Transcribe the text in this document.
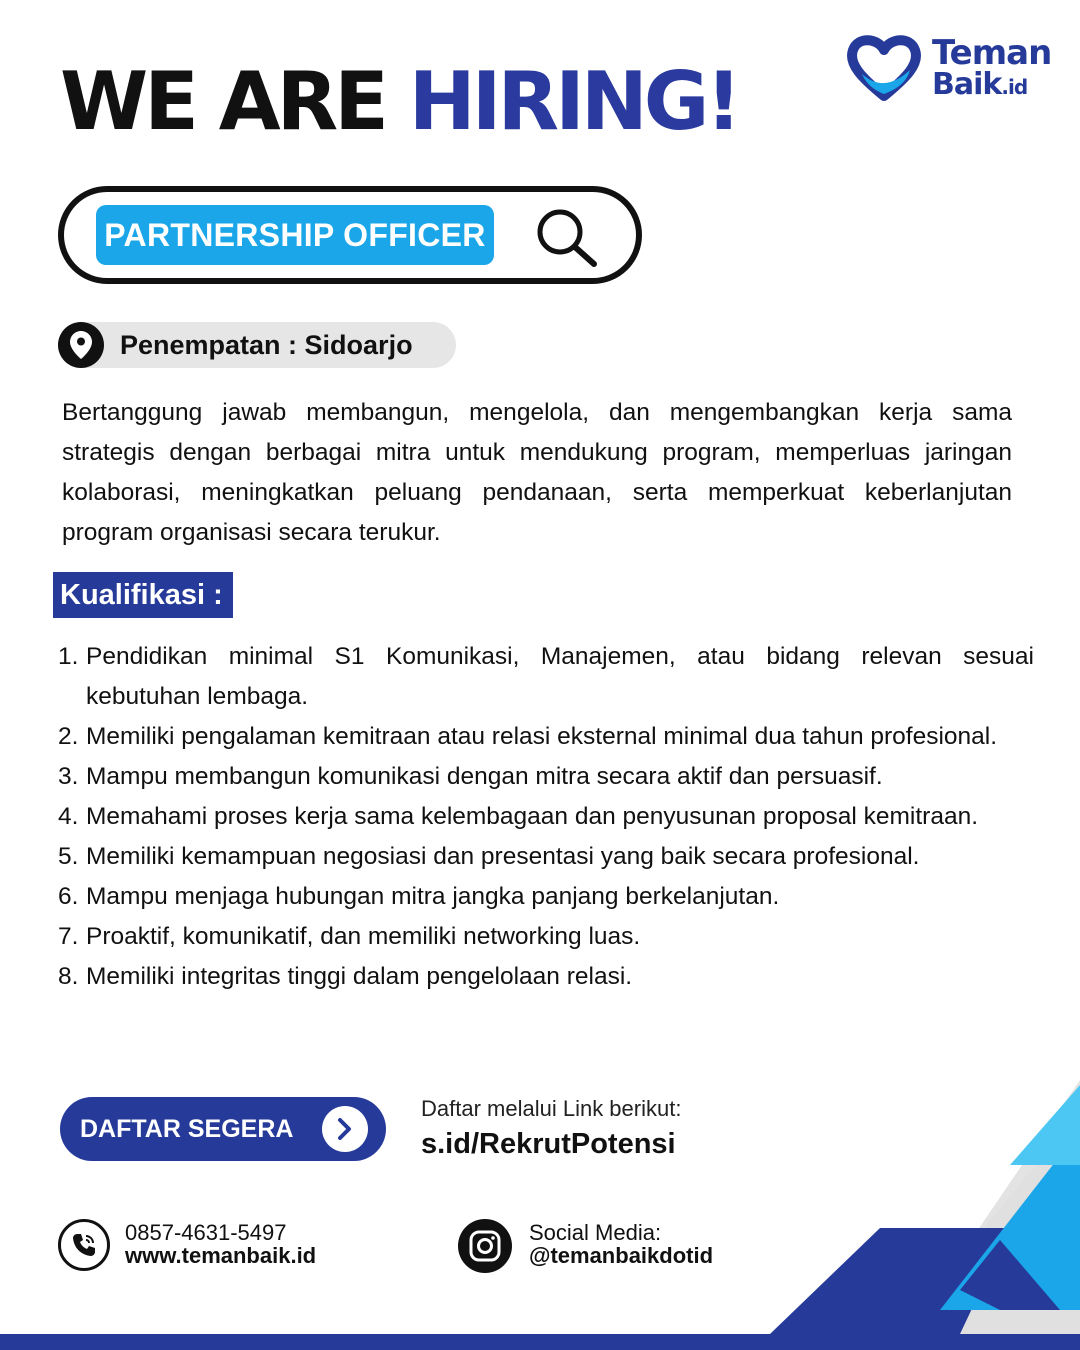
WE ARE HIRING!
Teman
Baik.id
PARTNERSHIP OFFICER
Penempatan : Sidoarjo

Bertanggung jawab membangun, mengelola, dan mengembangkan kerja sama strategis dengan berbagai mitra untuk mendukung program, memperluas jaringan kolaborasi, meningkatkan peluang pendanaan, serta memperkuat keberlanjutan program organisasi secara terukur.

Kualifikasi :
1. Pendidikan minimal S1 Komunikasi, Manajemen, atau bidang relevan sesuai kebutuhan lembaga.
2. Memiliki pengalaman kemitraan atau relasi eksternal minimal dua tahun profesional.
3. Mampu membangun komunikasi dengan mitra secara aktif dan persuasif.
4. Memahami proses kerja sama kelembagaan dan penyusunan proposal kemitraan.
5. Memiliki kemampuan negosiasi dan presentasi yang baik secara profesional.
6. Mampu menjaga hubungan mitra jangka panjang berkelanjutan.
7. Proaktif, komunikatif, dan memiliki networking luas.
8. Memiliki integritas tinggi dalam pengelolaan relasi.
DAFTAR SEGERA
Daftar melalui Link berikut:
s.id/RekrutPotensi
0857-4631-5497
www.temanbaik.id
Social Media:
@temanbaikdotid
